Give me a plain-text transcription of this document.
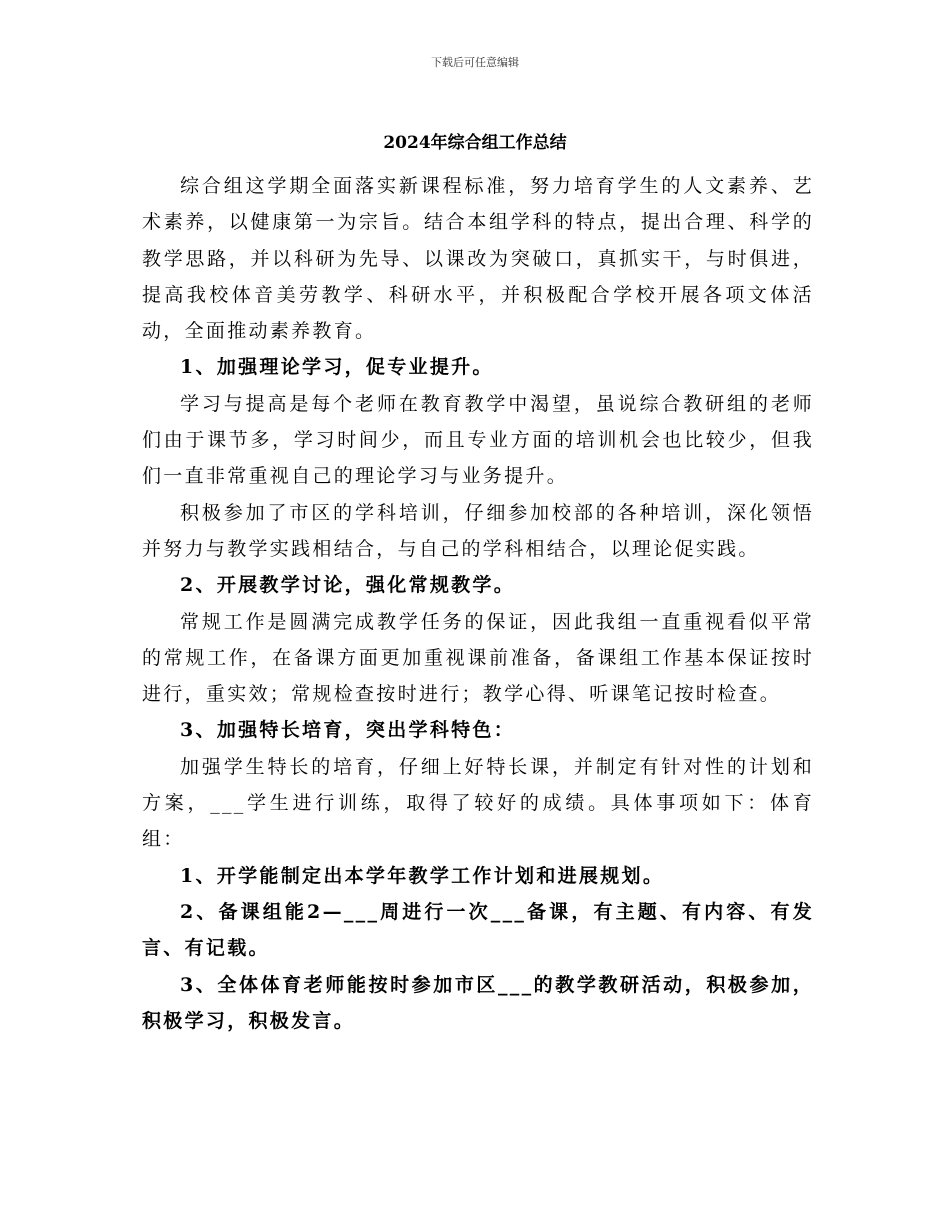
下载后可任意编辑
2024年综合组工作总结

综合组这学期全面落实新课程标准，努力培育学生的人文素养、艺术素养，以健康第一为宗旨。结合本组学科的特点，提出合理、科学的教学思路，并以科研为先导、以课改为突破口，真抓实干，与时俱进，提高我校体音美劳教学、科研水平，并积极配合学校开展各项文体活动，全面推动素养教育。

1、加强理论学习，促专业提升。

学习与提高是每个老师在教育教学中渴望，虽说综合教研组的老师们由于课节多，学习时间少，而且专业方面的培训机会也比较少，但我们一直非常重视自己的理论学习与业务提升。

积极参加了市区的学科培训，仔细参加校部的各种培训，深化领悟并努力与教学实践相结合，与自己的学科相结合，以理论促实践。

2、开展教学讨论，强化常规教学。

常规工作是圆满完成教学任务的保证，因此我组一直重视看似平常的常规工作，在备课方面更加重视课前准备，备课组工作基本保证按时进行，重实效；常规检查按时进行；教学心得、听课笔记按时检查。

3、加强特长培育，突出学科特色：

加强学生特长的培育，仔细上好特长课，并制定有针对性的计划和方案，___学生进行训练，取得了较好的成绩。具体事项如下：体育组：

1、开学能制定出本学年教学工作计划和进展规划。

2、备课组能2—___周进行一次___备课，有主题、有内容、有发言、有记载。

3、全体体育老师能按时参加市区___的教学教研活动，积极参加，积极学习，积极发言。
